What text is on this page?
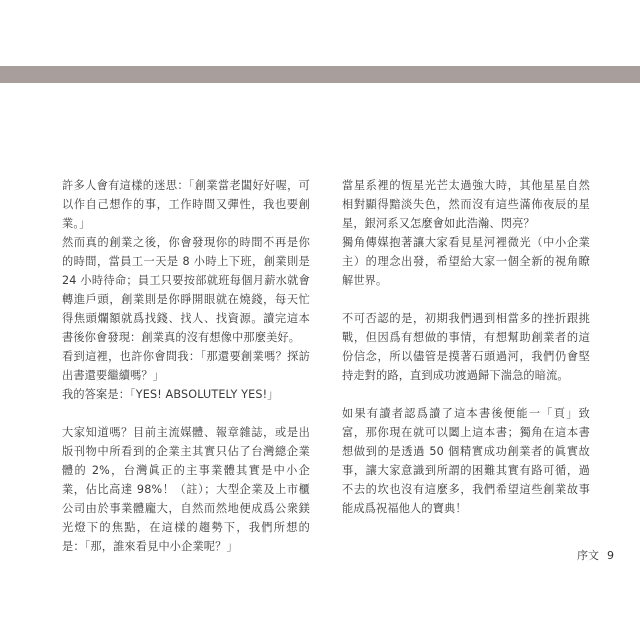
許多人會有這樣的迷思：「創業當老闆好好喔，可以作自己想作的事，工作時間又彈性，我也要創業。」

然而真的創業之後，你會發現你的時間不再是你的時間，當員工一天是 8 小時上下班，創業則是 24 小時待命；員工只要按部就班每個月薪水就會轉進戶頭，創業則是你睜開眼就在燒錢，每天忙得焦頭爛額就爲找錢、找人、找資源。讀完這本書後你會發現：創業真的沒有想像中那麼美好。

看到這裡，也許你會問我：「那還要創業嗎？探訪出書還要繼續嗎？」

我的答案是：「YES! ABSOLUTELY YES!」

大家知道嗎？目前主流媒體、報章雜誌，或是出版刊物中所看到的企業主其實只佔了台灣總企業體的 2%，台灣眞正的主事業體其實是中小企業，佔比高達 98%！（註）；大型企業及上市櫃公司由於事業體龐大，自然而然地便成爲公衆鎂光燈下的焦點，在這樣的趨勢下，我們所想的是：「那，誰來看見中小企業呢？」

當星系裡的恆星光芒太過強大時，其他星星自然相對顯得黯淡失色，然而沒有這些滿佈夜辰的星星，銀河系又怎麼會如此浩瀚、閃亮？

獨角傳媒抱著讓大家看見星河裡微光（中小企業主）的理念出發，希望給大家一個全新的視角瞭解世界。

不可否認的是，初期我們遇到相當多的挫折跟挑戰，但因爲有想做的事情，有想幫助創業者的這份信念，所以儘管是摸著石頭過河，我們仍會堅持走對的路，直到成功渡過歸下湍急的暗流。

如果有讀者認爲讀了這本書後便能一「頁」致富，那你現在就可以闔上這本書；獨角在這本書想做到的是透過 50 個精實成功創業者的眞實故事，讓大家意識到所謂的困難其實有路可循，過不去的坎也沒有這麼多，我們希望這些創業故事能成爲祝福他人的寶典！

序文 9
